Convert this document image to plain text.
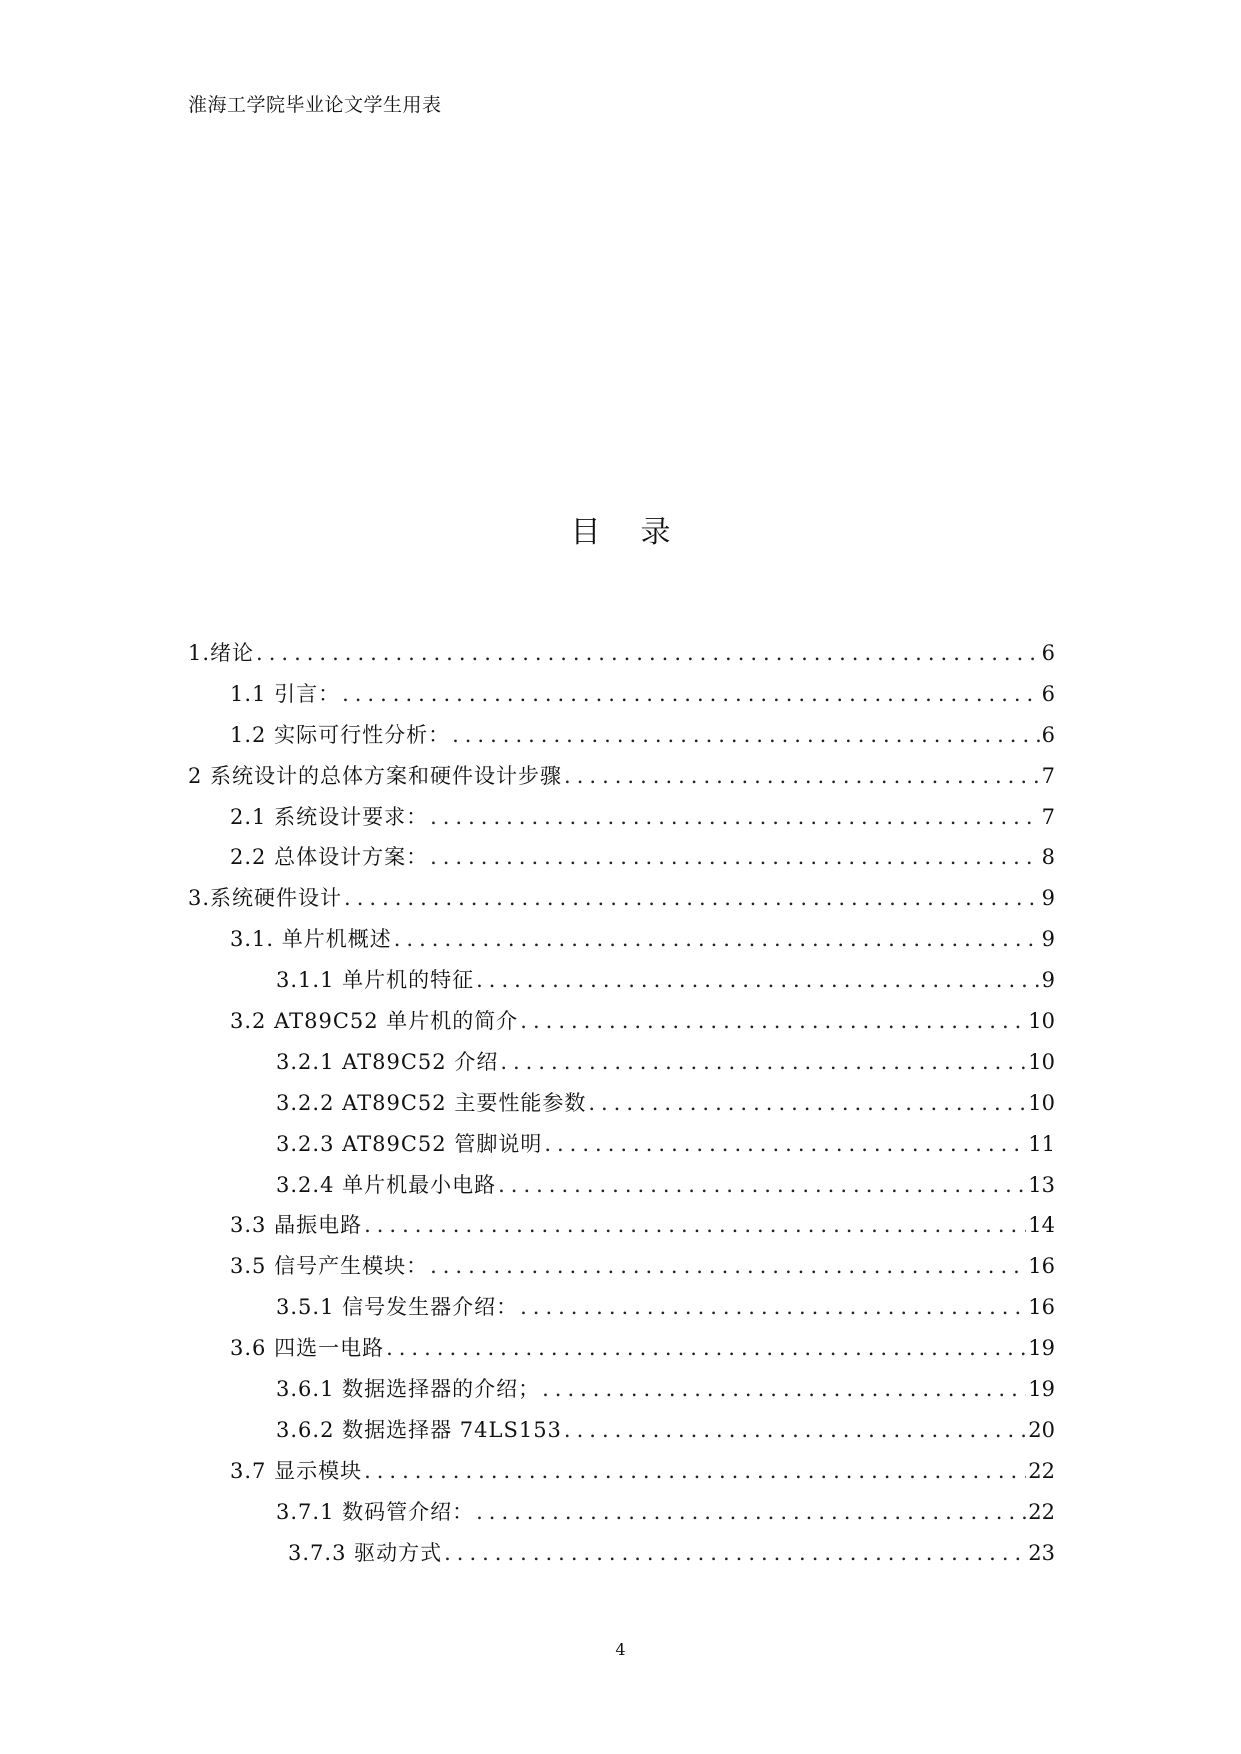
淮海工学院毕业论文学生用表
目录
1.绪论 .....	6
1.1 引言： .....	6
1.2 实际可行性分析： .....	6
2 系统设计的总体方案和硬件设计步骤 .....	7
2.1 系统设计要求： .....	7
2.2 总体设计方案： .....	8
3.系统硬件设计 .....	9
3.1. 单片机概述 .....	9
3.1.1 单片机的特征 .....	9
3.2 AT89C52 单片机的简介 .....	10
3.2.1 AT89C52 介绍 .....	10
3.2.2 AT89C52 主要性能参数 .....	10
3.2.3 AT89C52 管脚说明 .....	11
3.2.4 单片机最小电路 .....	13
3.3 晶振电路 .....	14
3.5 信号产生模块： .....	16
3.5.1 信号发生器介绍： .....	16
3.6 四选一电路 .....	19
3.6.1 数据选择器的介绍； .....	19
3.6.2 数据选择器 74LS153 .....	20
3.7 显示模块 .....	22
3.7.1 数码管介绍： .....	22
3.7.3 驱动方式 .....	23
4
